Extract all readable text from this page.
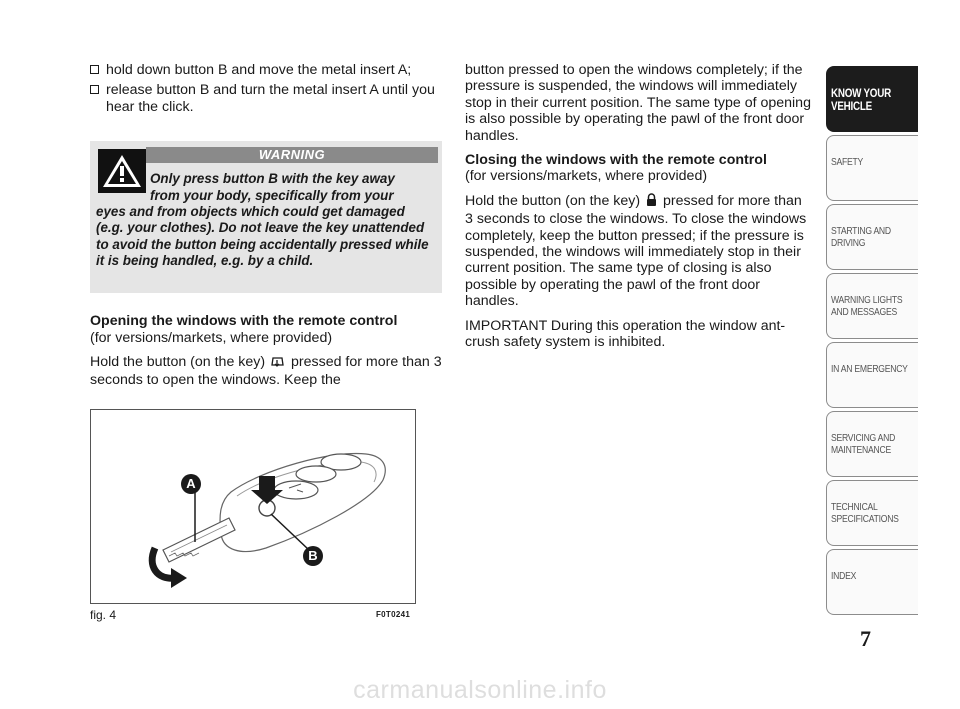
hold down button B and move the metal insert A;
release button B and turn the metal insert A until you hear the click.
WARNING
Only press button B with the key away
from your body, specifically from your
eyes and from objects which could get damaged (e.g. your clothes). Do not leave the key unattended to avoid the button being accidentally pressed while it is being handled, e.g. by a child.

Opening the windows with the remote control
(for versions/markets, where provided)

Hold the button (on the key) pressed for more than 3 seconds to open the windows. Keep the

button pressed to open the windows completely; if the pressure is suspended, the windows will immediately stop in their current position. The same type of opening is also possible by operating the pawl of the front door handles.

Closing the windows with the remote control
(for versions/markets, where provided)

Hold the button (on the key) pressed for more than 3 seconds to close the windows. To close the windows completely, keep the button pressed; if the pressure is suspended, the windows will immediately stop in their current position. The same type of closing is also possible by operating the pawl of the front door handles.

IMPORTANT During this operation the window ant-crush safety system is inhibited.

A
B
fig. 4	F0T0241
KNOW YOUR
VEHICLE
SAFETY
STARTING AND
DRIVING
WARNING LIGHTS
AND MESSAGES
IN AN EMERGENCY
SERVICING AND
MAINTENANCE
TECHNICAL
SPECIFICATIONS
INDEX
7
carmanualsonline.info
